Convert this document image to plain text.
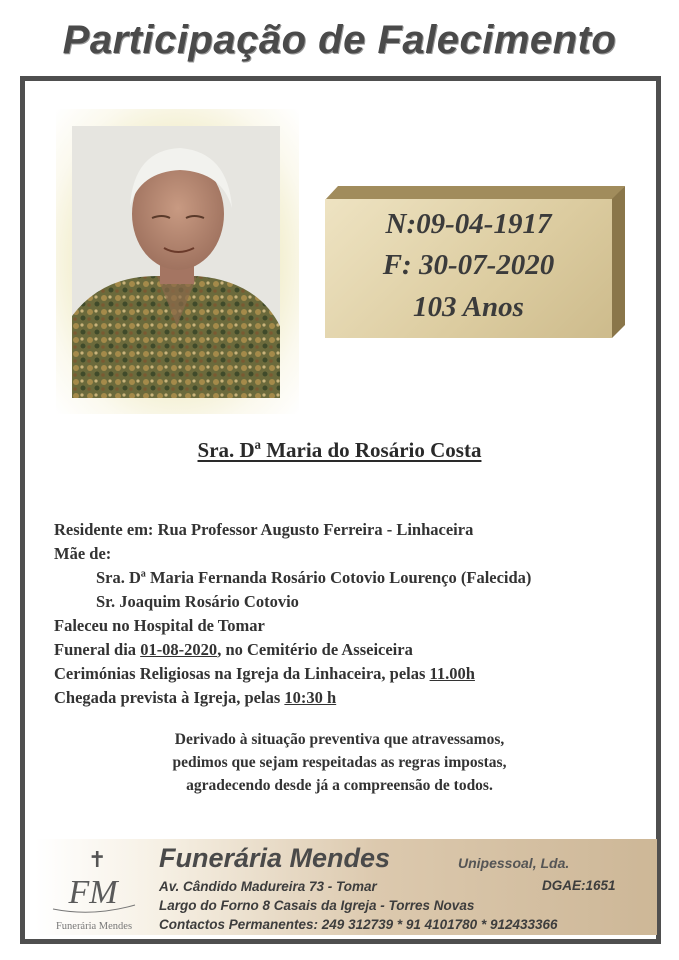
Participação de Falecimento
N:09-04-1917
F: 30-07-2020
103 Anos
Sra. Dª Maria do Rosário Costa
Residente em: Rua Professor Augusto Ferreira - Linhaceira
Mãe de:
Sra. Dª Maria Fernanda Rosário Cotovio Lourenço (Falecida)
Sr. Joaquim Rosário Cotovio
Faleceu no Hospital de Tomar
Funeral dia 01-08-2020, no Cemitério de Asseiceira
Cerimónias Religiosas na Igreja da Linhaceira, pelas 11.00h
Chegada prevista à Igreja, pelas 10:30 h
Derivado à situação preventiva que atravessamos,
pedimos que sejam respeitadas as regras impostas,
agradecendo desde já a compreensão de todos.
✝
FM
Funerária Mendes
Funerária Mendes	Unipessoal, Lda.
Av. Cândido Madureira 73 - Tomar	DGAE:1651
Largo do Forno 8 Casais da Igreja - Torres Novas
Contactos Permanentes: 249 312739 * 91 4101780 * 912433366
